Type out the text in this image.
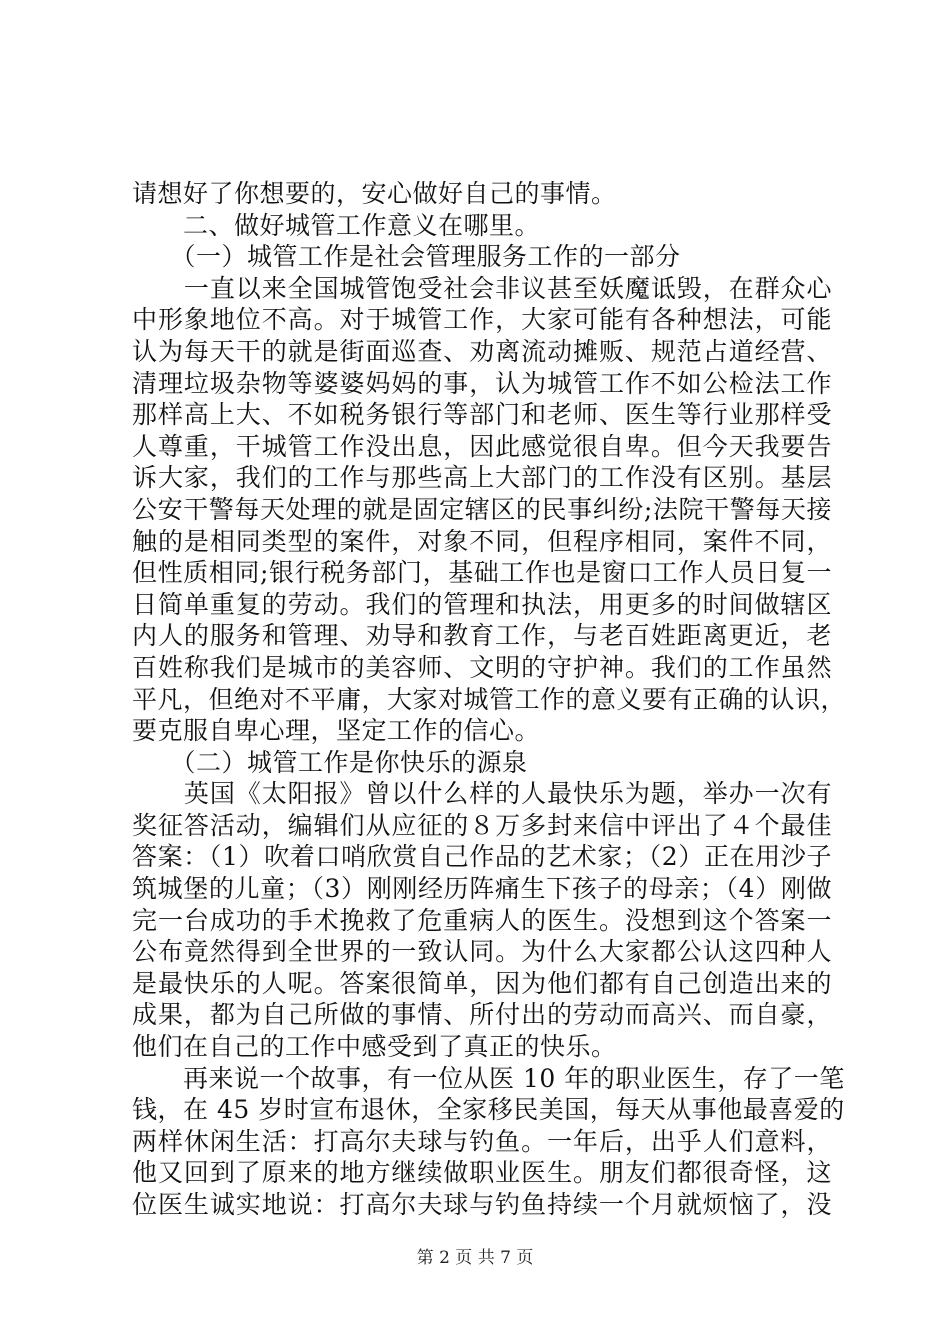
请想好了你想要的，安心做好自己的事情。
　　二、做好城管工作意义在哪里。
　　（一）城管工作是社会管理服务工作的一部分
　　一直以来全国城管饱受社会非议甚至妖魔诋毁，在群众心
中形象地位不高。对于城管工作，大家可能有各种想法，可能
认为每天干的就是街面巡查、劝离流动摊贩、规范占道经营、
清理垃圾杂物等婆婆妈妈的事，认为城管工作不如公检法工作
那样高上大、不如税务银行等部门和老师、医生等行业那样受
人尊重，干城管工作没出息，因此感觉很自卑。但今天我要告
诉大家，我们的工作与那些高上大部门的工作没有区别。基层
公安干警每天处理的就是固定辖区的民事纠纷;法院干警每天接
触的是相同类型的案件，对象不同，但程序相同，案件不同，
但性质相同;银行税务部门，基础工作也是窗口工作人员日复一
日简单重复的劳动。我们的管理和执法，用更多的时间做辖区
内人的服务和管理、劝导和教育工作，与老百姓距离更近，老
百姓称我们是城市的美容师、文明的守护神。我们的工作虽然
平凡，但绝对不平庸，大家对城管工作的意义要有正确的认识，
要克服自卑心理，坚定工作的信心。
　　（二）城管工作是你快乐的源泉
　　英国《太阳报》曾以什么样的人最快乐为题，举办一次有
奖征答活动，编辑们从应征的８万多封来信中评出了４个最佳
答案：（1）吹着口哨欣赏自己作品的艺术家；（2）正在用沙子
筑城堡的儿童；（3）刚刚经历阵痛生下孩子的母亲；（4）刚做
完一台成功的手术挽救了危重病人的医生。没想到这个答案一
公布竟然得到全世界的一致认同。为什么大家都公认这四种人
是最快乐的人呢。答案很简单，因为他们都有自己创造出来的
成果，都为自己所做的事情、所付出的劳动而高兴、而自豪，
他们在自己的工作中感受到了真正的快乐。
　　再来说一个故事，有一位从医 10 年的职业医生，存了一笔
钱，在 45 岁时宣布退休，全家移民美国，每天从事他最喜爱的
两样休闲生活：打高尔夫球与钓鱼。一年后，出乎人们意料，
他又回到了原来的地方继续做职业医生。朋友们都很奇怪，这
位医生诚实地说：打高尔夫球与钓鱼持续一个月就烦恼了，没
第 2 页 共 7 页
